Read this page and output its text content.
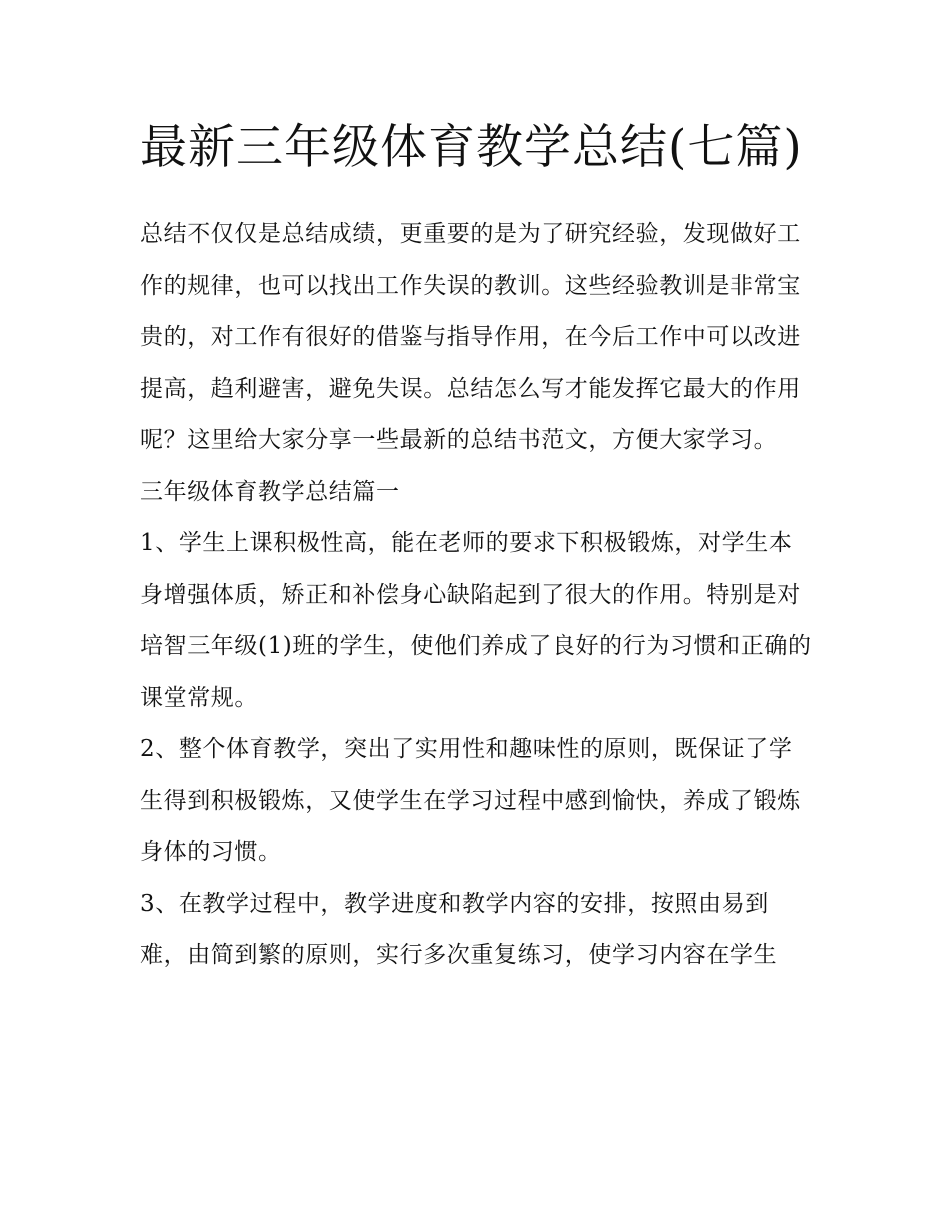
最新三年级体育教学总结(七篇)

总结不仅仅是总结成绩，更重要的是为了研究经验，发现做好工作的规律，也可以找出工作失误的教训。这些经验教训是非常宝贵的，对工作有很好的借鉴与指导作用，在今后工作中可以改进提高，趋利避害，避免失误。总结怎么写才能发挥它最大的作用呢？这里给大家分享一些最新的总结书范文，方便大家学习。

三年级体育教学总结篇一

1、学生上课积极性高，能在老师的要求下积极锻炼，对学生本身增强体质，矫正和补偿身心缺陷起到了很大的作用。特别是对培智三年级(1)班的学生，使他们养成了良好的行为习惯和正确的课堂常规。

2、整个体育教学，突出了实用性和趣味性的原则，既保证了学生得到积极锻炼，又使学生在学习过程中感到愉快，养成了锻炼身体的习惯。

3、在教学过程中，教学进度和教学内容的安排，按照由易到难，由简到繁的原则，实行多次重复练习，使学习内容在学生
